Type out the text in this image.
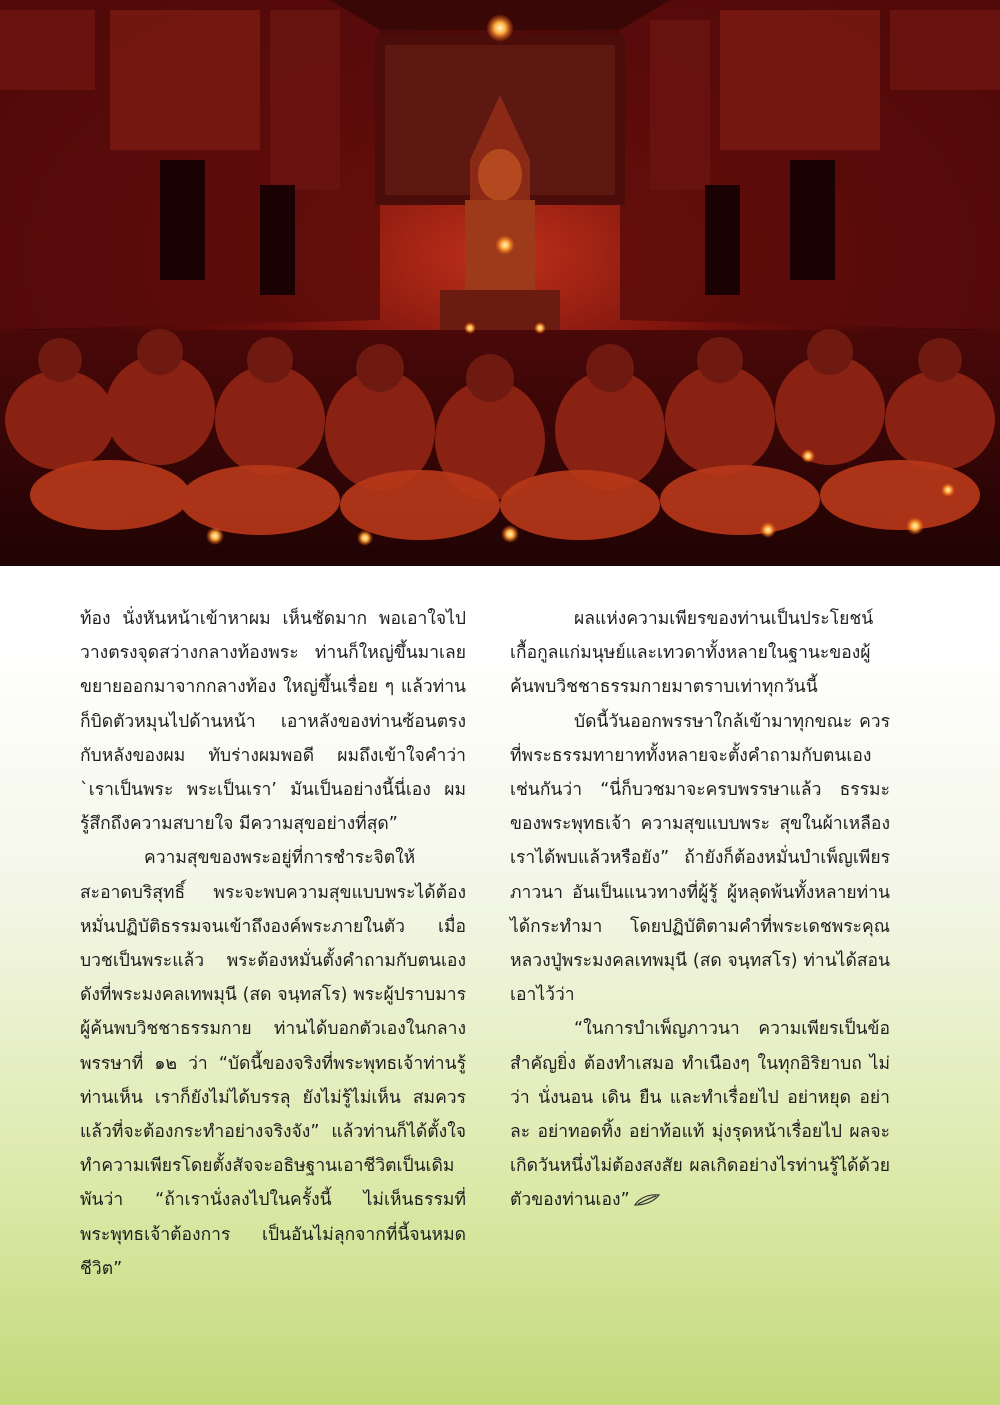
ท้อง นั่งหันหน้าเข้าหาผม เห็นชัดมาก พอเอาใจไปวางตรงจุดสว่างกลางท้องพระ ท่านก็ใหญ่ขึ้นมาเลย ขยายออกมาจากกลางท้อง ใหญ่ขึ้นเรื่อย ๆ แล้วท่านก็บิดตัวหมุนไปด้านหน้า เอาหลังของท่านซ้อนตรงกับหลังของผม ทับร่างผมพอดี ผมถึงเข้าใจคำว่า `เราเป็นพระ พระเป็นเรา’ มันเป็นอย่างนี้นี่เอง ผมรู้สึกถึงความสบายใจ มีความสุขอย่างที่สุด”

ความสุขของพระอยู่ที่การชำระจิตให้สะอาดบริสุทธิ์ พระจะพบความสุขแบบพระได้ต้องหมั่นปฏิบัติธรรมจนเข้าถึงองค์พระภายในตัว เมื่อบวชเป็นพระแล้ว พระต้องหมั่นตั้งคำถามกับตนเอง ดังที่พระมงคลเทพมุนี (สด จนฺทสโร) พระผู้ปราบมาร ผู้ค้นพบวิชชาธรรมกาย ท่านได้บอกตัวเองในกลางพรรษาที่ ๑๒ ว่า “บัดนี้ของจริงที่พระพุทธเจ้าท่านรู้ท่านเห็น เราก็ยังไม่ได้บรรลุ ยังไม่รู้ไม่เห็น สมควรแล้วที่จะต้องกระทำอย่างจริงจัง” แล้วท่านก็ได้ตั้งใจทำความเพียรโดยตั้งสัจจะอธิษฐานเอาชีวิตเป็นเดิมพันว่า “ถ้าเรานั่งลงไปในครั้งนี้ ไม่เห็นธรรมที่พระพุทธเจ้าต้องการ เป็นอันไม่ลุกจากที่นี้จนหมดชีวิต”

ผลแห่งความเพียรของท่านเป็นประโยชน์เกื้อกูลแก่มนุษย์และเทวดาทั้งหลายในฐานะของผู้ค้นพบวิชชาธรรมกายมาตราบเท่าทุกวันนี้

บัดนี้วันออกพรรษาใกล้เข้ามาทุกขณะ ควรที่พระธรรมทายาททั้งหลายจะตั้งคำถามกับตนเองเช่นกันว่า “นี่ก็บวชมาจะครบพรรษาแล้ว ธรรมะของพระพุทธเจ้า ความสุขแบบพระ สุขในผ้าเหลือง เราได้พบแล้วหรือยัง” ถ้ายังก็ต้องหมั่นบำเพ็ญเพียรภาวนา อันเป็นแนวทางที่ผู้รู้ ผู้หลุดพ้นทั้งหลายท่านได้กระทำมา โดยปฏิบัติตามคำที่พระเดชพระคุณหลวงปู่พระมงคลเทพมุนี (สด จนฺทสโร) ท่านได้สอนเอาไว้ว่า

“ในการบำเพ็ญภาวนา ความเพียรเป็นข้อสำคัญยิ่ง ต้องทำเสมอ ทำเนืองๆ ในทุกอิริยาบถ ไม่ว่า นั่งนอน เดิน ยืน และทำเรื่อยไป อย่าหยุด อย่าละ อย่าทอดทิ้ง อย่าท้อแท้ มุ่งรุดหน้าเรื่อยไป ผลจะเกิดวันหนึ่งไม่ต้องสงสัย ผลเกิดอย่างไรท่านรู้ได้ด้วยตัวของท่านเอง”
